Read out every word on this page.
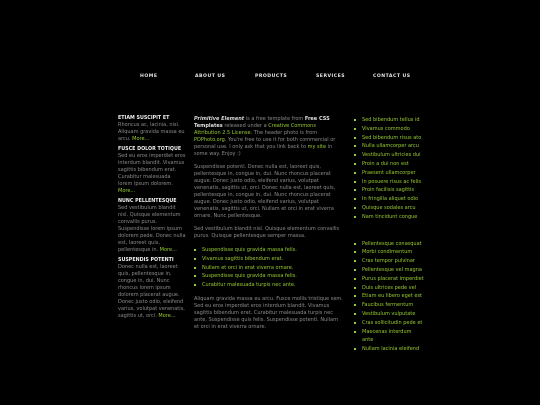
HOME	ABOUT US	PRODUCTS	SERVICES	CONTACT US
ETIAM SUSCIPIT ET

Rhoncus ac, lacinia, nisi. Aliquam gravida massa eu arcu. More...

FUSCE DOLOR TOTIQUE

Sed eu eros imperdiet eros interdum blandit. Vivamus sagittis bibendum erat. Curabitur malesuada lorem ipsum dolorem. More...

NUNC PELLENTESQUE

Sed vestibulum blandit nisl. Quisque elementum convallis purus. Suspendisse lorem ipsum dolorem pede. Donec nulla est, laoreet quis, pellentesque in. More...

SUSPENDIS POTENTI

Donec nulla est, laoreet quis, pellentesque in, congue in, dui. Nunc rhoncus lorem ipsum dolorem placerat augue. Donec justo odio, eleifend varius, volutpat venenatis, sagittis ut, orci. More...

Primitive Element is a free template from Free CSS Templates released under a Creative Commons Attribution 2.5 License. The header photo is from PDPhoto.org. You're free to use it for both commercial or personal use. I only ask that you link back to my site in some way. Enjoy :)

Suspendisse potenti. Donec nulla est, laoreet quis, pellentesque in, congue in, dui. Nunc rhoncus placerat augue. Donec justo odio, eleifend varius, volutpat venenatis, sagittis ut, orci. Donec nulla est, laoreet quis, pellentesque in, congue in, dui. Nunc rhoncus placerat augue. Donec justo odio, eleifend varius, volutpat venenatis, sagittis ut, orci. Nullam et orci in erat viverra ornare. Nunc pellentesque.

Sed vestibulum blandit nisl. Quisque elementum convallis purus. Quisque pellentesque semper massa.

Suspendisse quis gravida massa felis.
Vivamus sagittis bibendum erat.
Nullam et orci in erat viverra ornare.
Suspendisse quis gravida massa felis.
Curabitur malesuada turpis nec ante.

Aliquam gravida massa eu arcu. Fusce mollis tristique sem. Sed eu eros imperdiet eros interdum blandit. Vivamus sagittis bibendum erat. Curabitur malesuada turpis nec ante. Suspendisse quis felis. Suspendisse potenti. Nullam et orci in erat viverra ornare.

Sed bibendum tellus id
Vivamus commodo
Sed bibendum risus ato
Nulla ullamcorper arcu
Vestibulum ultricies dui
Proin a dui non est
Praesent ullamcorper
In posuere risus ac felis
Proin facilisis sagittis
In fringilla aliquet odio
Quisque sodales arcu
Nam tincidunt congue
Pellentesque consequat
Morbi condimentum
Cras tempor pulvinar
Pellentesque vel magna
Purus placerat imperdiet
Duis ultrices pede vel
Etiam eu libero eget est
Faucibus fermentum
Vestibulum vulputate
Cras sollicitudin pede et
Maecenas interdum ante
Nullam lacinia eleifend
